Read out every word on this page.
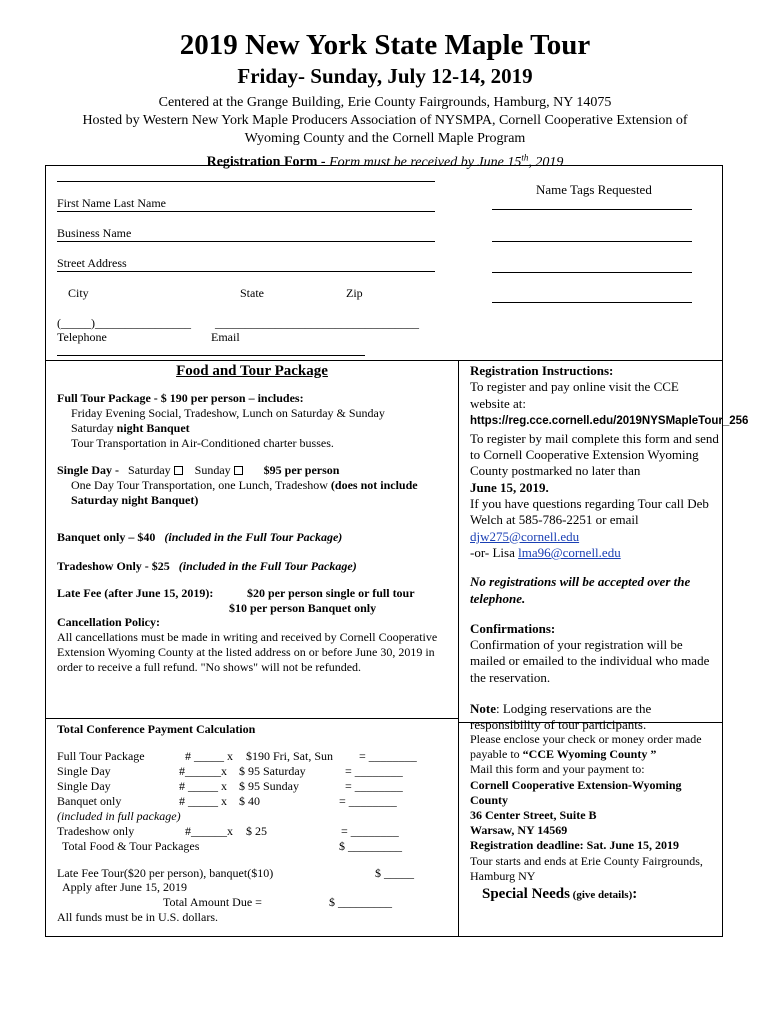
2019 New York State Maple Tour
Friday- Sunday, July 12-14, 2019
Centered at the Grange Building, Erie County Fairgrounds, Hamburg, NY 14075
Hosted by Western New York Maple Producers Association of NYSMPA, Cornell Cooperative Extension of
Wyoming County and the Cornell Maple Program
Registration Form - Form must be received by June 15th, 2019
First Name Last Name
Business Name
Street Address
City	State	Zip
(_____)________________ __________________________________
Telephone	Email
Name Tags Requested
Food and Tour Package
Full Tour Package - $ 190 per person – includes:
Friday Evening Social, Tradeshow, Lunch on Saturday & Sunday
Saturday night Banquet
Tour Transportation in Air-Conditioned charter busses.
Single Day - Saturday Sunday	$95 per person
One Day Tour Transportation, one Lunch, Tradeshow (does not include
Saturday night Banquet)
Banquet only – $40 (included in the Full Tour Package)
Tradeshow Only - $25 (included in the Full Tour Package)
Late Fee (after June 15, 2019):	$20 per person single or full tour
$10 per person Banquet only
Cancellation Policy:
All cancellations must be made in writing and received by Cornell Cooperative Extension Wyoming County at the listed address on or before June 30, 2019 in order to receive a full refund. "No shows" will not be refunded.
Registration Instructions:
To register and pay online visit the CCE website at:
https://reg.cce.cornell.edu/2019NYSMapleTour_256
To register by mail complete this form and send to Cornell Cooperative Extension Wyoming County postmarked no later than
June 15, 2019.
If you have questions regarding Tour call Deb Welch at 585-786-2251 or email
djw275@cornell.edu
-or- Lisa lma96@cornell.edu
No registrations will be accepted over the telephone.
Confirmations:
Confirmation of your registration will be mailed or emailed to the individual who made the reservation.
Note: Lodging reservations are the responsibility of tour participants.
Total Conference Payment Calculation
Full Tour Package	# _____ x $190 Fri, Sat, Sun = ________
Single Day	#______x $ 95 Saturday	= ________
Single Day	# _____ x $ 95 Sunday	= ________
Banquet only	# _____ x $ 40	= ________
(included in full package)
Tradeshow only	#______x $ 25	= ________
Total Food & Tour Packages	$ _________
Late Fee Tour($20 per person), banquet($10)	$ _____
Apply after June 15, 2019
Total Amount Due =	$ _________
All funds must be in U.S. dollars.
Please enclose your check or money order made payable to “CCE Wyoming County ”
Mail this form and your payment to:
Cornell Cooperative Extension-Wyoming County
36 Center Street, Suite B
Warsaw, NY 14569
Registration deadline: Sat. June 15, 2019
Tour starts and ends at Erie County Fairgrounds, Hamburg NY
Special Needs (give details):
